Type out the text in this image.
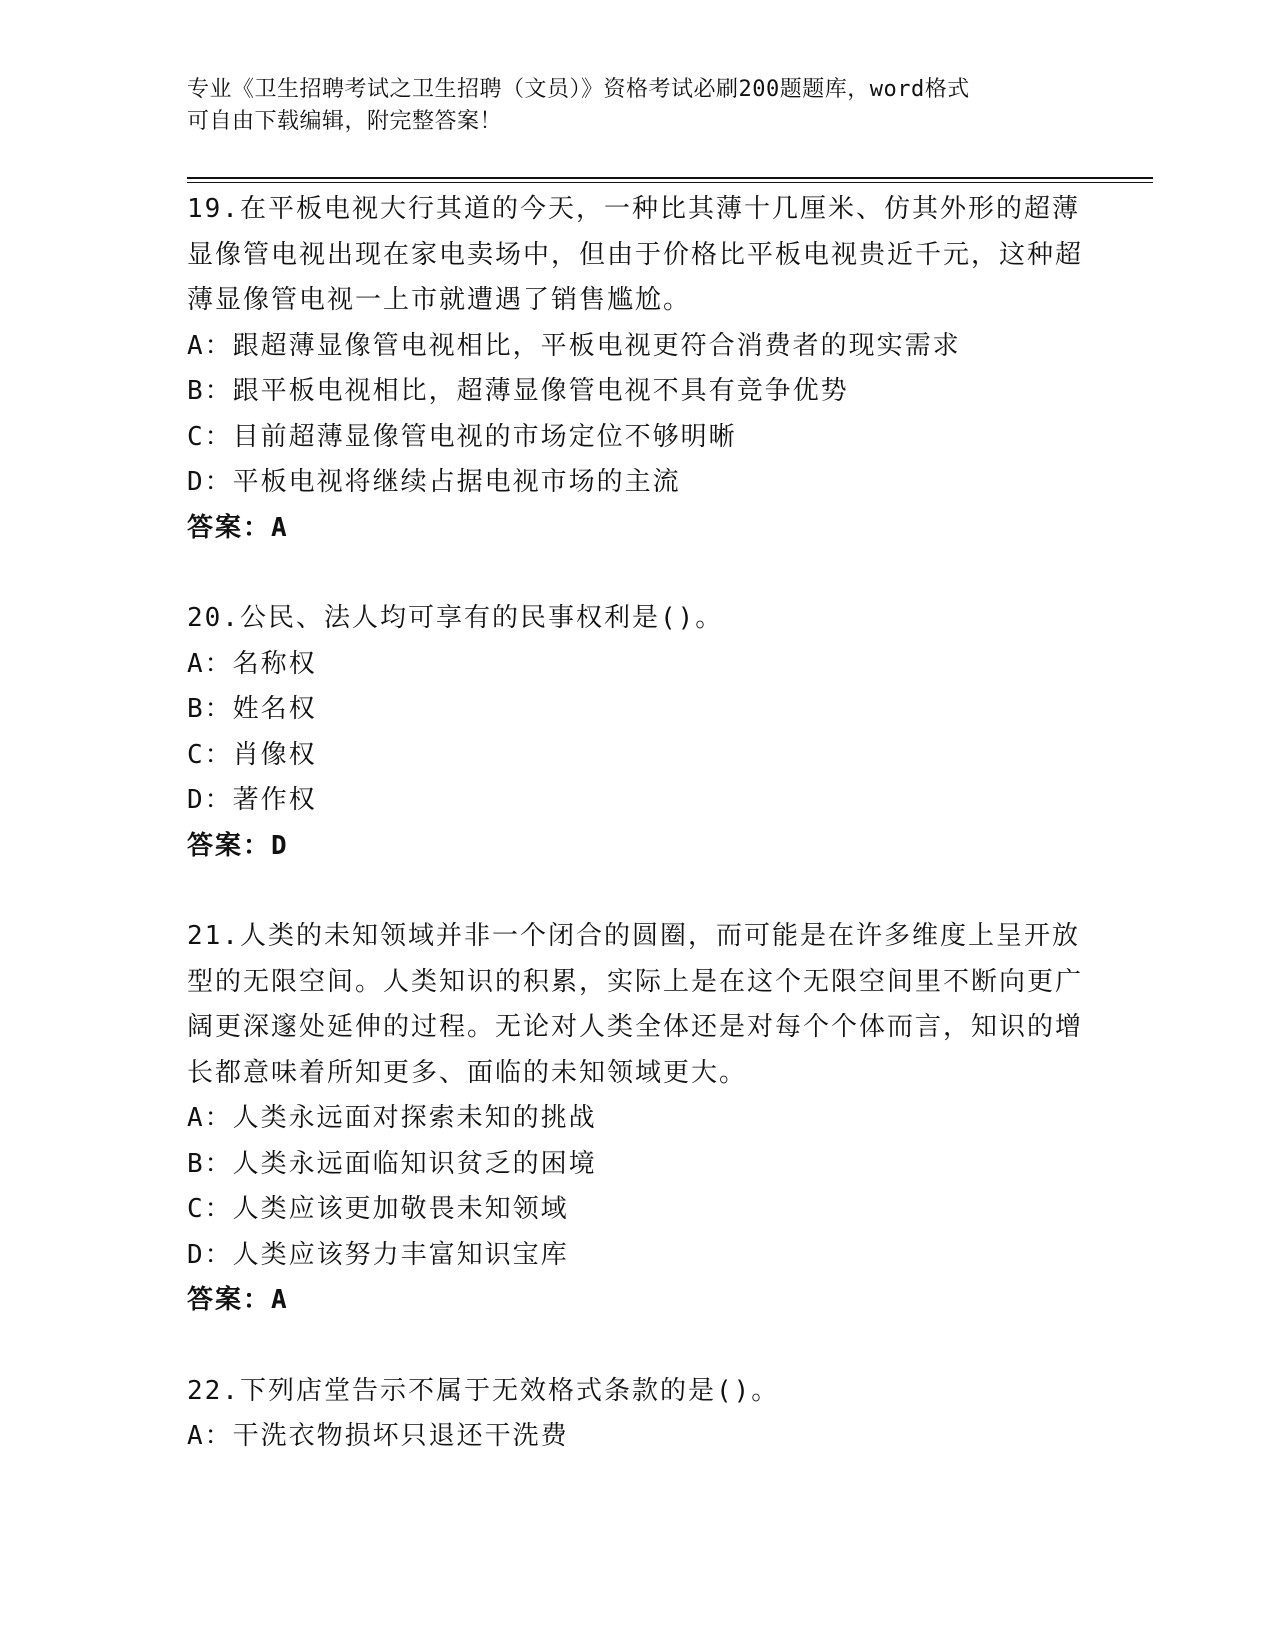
专业《卫生招聘考试之卫生招聘（文员）》资格考试必刷200题题库，word格式
可自由下载编辑，附完整答案！

19.在平板电视大行其道的今天，一种比其薄十几厘米、仿其外形的超薄显像管电视出现在家电卖场中，但由于价格比平板电视贵近千元，这种超薄显像管电视一上市就遭遇了销售尴尬。

A：跟超薄显像管电视相比，平板电视更符合消费者的现实需求

B：跟平板电视相比，超薄显像管电视不具有竞争优势

C：目前超薄显像管电视的市场定位不够明晰

D：平板电视将继续占据电视市场的主流

答案：A

20.公民、法人均可享有的民事权利是()。

A：名称权

B：姓名权

C：肖像权

D：著作权

答案：D

21.人类的未知领域并非一个闭合的圆圈，而可能是在许多维度上呈开放型的无限空间。人类知识的积累，实际上是在这个无限空间里不断向更广阔更深邃处延伸的过程。无论对人类全体还是对每个个体而言，知识的增长都意味着所知更多、面临的未知领域更大。

A：人类永远面对探索未知的挑战

B：人类永远面临知识贫乏的困境

C：人类应该更加敬畏未知领域

D：人类应该努力丰富知识宝库

答案：A

22.下列店堂告示不属于无效格式条款的是()。

A：干洗衣物损坏只退还干洗费
